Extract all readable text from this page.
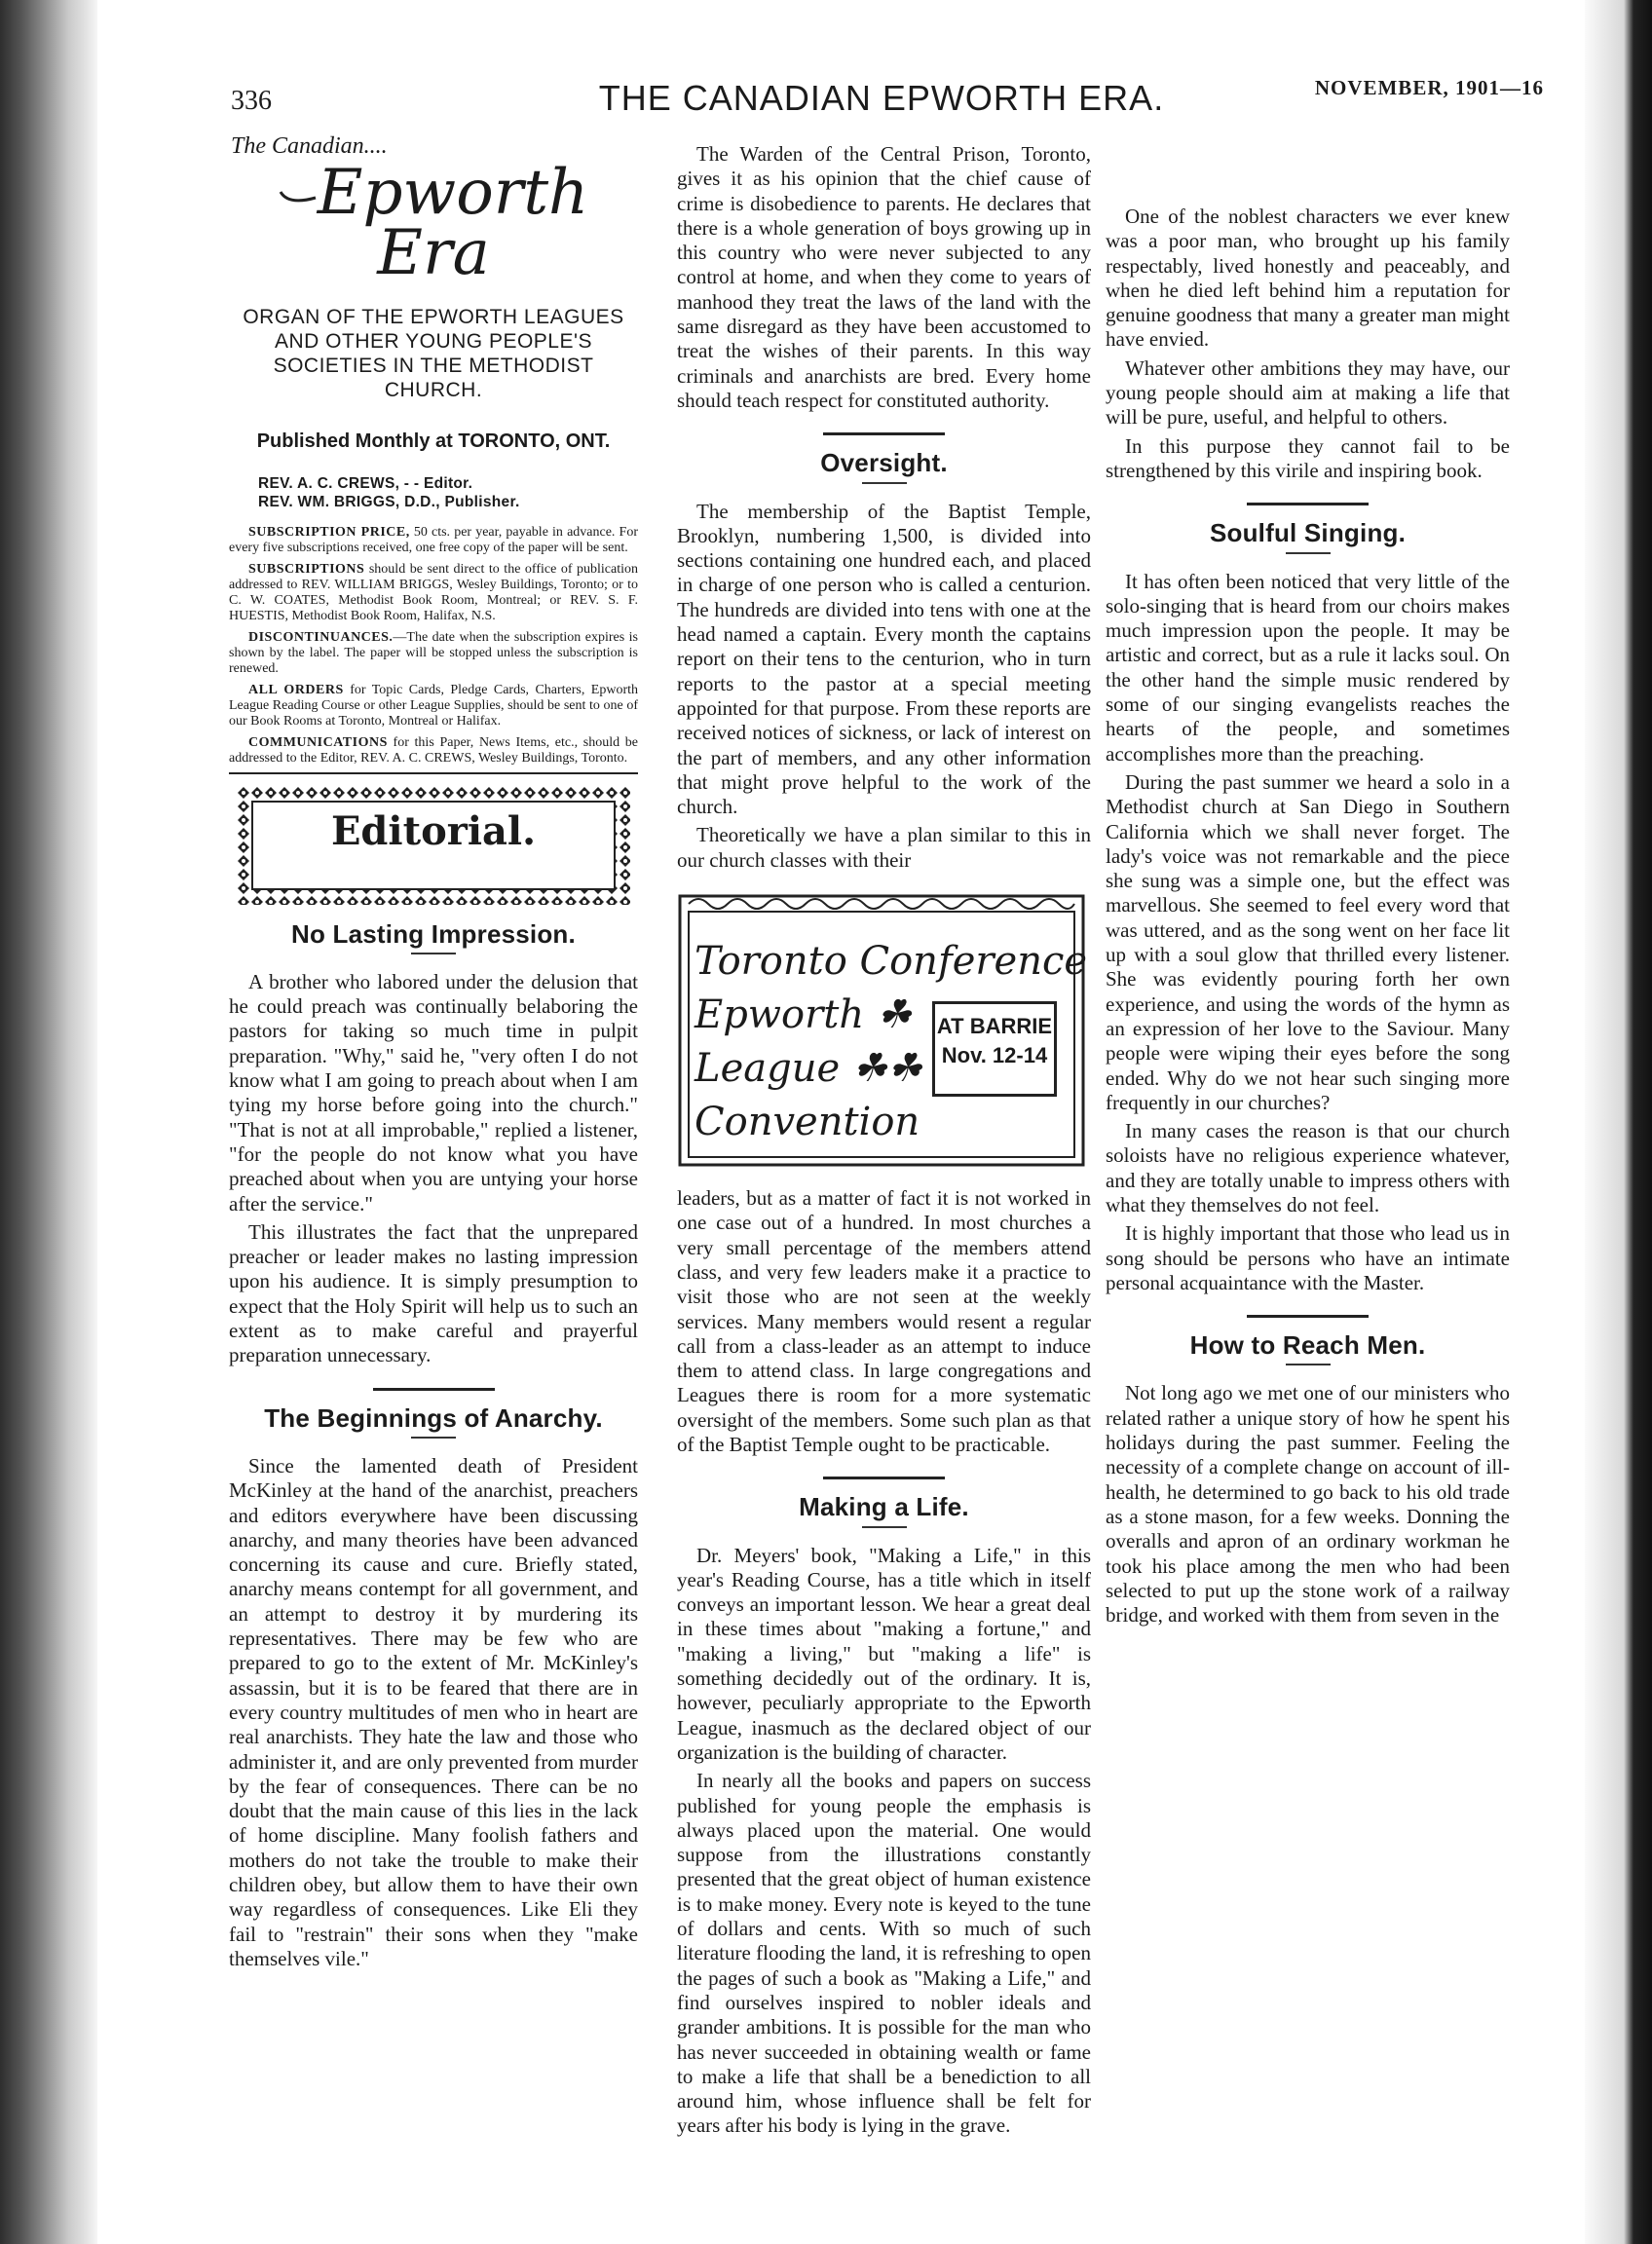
336	THE CANADIAN EPWORTH ERA.	NOVEMBER, 1901—16
The Canadian....
Epworth Era
ORGAN OF THE EPWORTH LEAGUES AND OTHER YOUNG PEOPLE'S SOCIETIES IN THE METHODIST CHURCH.
Published Monthly at TORONTO, ONT.
REV. A. C. CREWS, - - Editor.
REV. WM. BRIGGS, D.D., Publisher.

SUBSCRIPTION PRICE, 50 cts. per year, payable in advance. For every five subscriptions received, one free copy of the paper will be sent.

SUBSCRIPTIONS should be sent direct to the office of publication addressed to REV. WILLIAM BRIGGS, Wesley Buildings, Toronto; or to C. W. COATES, Methodist Book Room, Montreal; or REV. S. F. HUESTIS, Methodist Book Room, Halifax, N.S.

DISCONTINUANCES.—The date when the subscription expires is shown by the label. The paper will be stopped unless the subscription is renewed.

ALL ORDERS for Topic Cards, Pledge Cards, Charters, Epworth League Reading Course or other League Supplies, should be sent to one of our Book Rooms at Toronto, Montreal or Halifax.

COMMUNICATIONS for this Paper, News Items, etc., should be addressed to the Editor, REV. A. C. CREWS, Wesley Buildings, Toronto.

Editorial.
No Lasting Impression.

A brother who labored under the delusion that he could preach was continually belaboring the pastors for taking so much time in pulpit preparation. "Why," said he, "very often I do not know what I am going to preach about when I am tying my horse before going into the church." "That is not at all improbable," replied a listener, "for the people do not know what you have preached about when you are untying your horse after the service."

This illustrates the fact that the unprepared preacher or leader makes no lasting impression upon his audience. It is simply presumption to expect that the Holy Spirit will help us to such an extent as to make careful and prayerful preparation unnecessary.

The Beginnings of Anarchy.

Since the lamented death of President McKinley at the hand of the anarchist, preachers and editors everywhere have been discussing anarchy, and many theories have been advanced concerning its cause and cure. Briefly stated, anarchy means contempt for all government, and an attempt to destroy it by murdering its representatives. There may be few who are prepared to go to the extent of Mr. McKinley's assassin, but it is to be feared that there are in every country multitudes of men who in heart are real anarchists. They hate the law and those who administer it, and are only prevented from murder by the fear of consequences. There can be no doubt that the main cause of this lies in the lack of home discipline. Many foolish fathers and mothers do not take the trouble to make their children obey, but allow them to have their own way regardless of consequences. Like Eli they fail to "restrain" their sons when they "make themselves vile."

The Warden of the Central Prison, Toronto, gives it as his opinion that the chief cause of crime is disobedience to parents. He declares that there is a whole generation of boys growing up in this country who were never subjected to any control at home, and when they come to years of manhood they treat the laws of the land with the same disregard as they have been accustomed to treat the wishes of their parents. In this way criminals and anarchists are bred. Every home should teach respect for constituted authority.

Oversight.

The membership of the Baptist Temple, Brooklyn, numbering 1,500, is divided into sections containing one hundred each, and placed in charge of one person who is called a centurion. The hundreds are divided into tens with one at the head named a captain. Every month the captains report on their tens to the centurion, who in turn reports to the pastor at a special meeting appointed for that purpose. From these reports are received notices of sickness, or lack of interest on the part of members, and any other information that might prove helpful to the work of the church.

Theoretically we have a plan similar to this in our church classes with their

Toronto Conference
Epworth ☘
League ☘☘
Convention
AT BARRIE
Nov. 12-14

leaders, but as a matter of fact it is not worked in one case out of a hundred. In most churches a very small percentage of the members attend class, and very few leaders make it a practice to visit those who are not seen at the weekly services. Many members would resent a regular call from a class-leader as an attempt to induce them to attend class. In large congregations and Leagues there is room for a more systematic oversight of the members. Some such plan as that of the Baptist Temple ought to be practicable.

Making a Life.

Dr. Meyers' book, "Making a Life," in this year's Reading Course, has a title which in itself conveys an important lesson. We hear a great deal in these times about "making a fortune," and "making a living," but "making a life" is something decidedly out of the ordinary. It is, however, peculiarly appropriate to the Epworth League, inasmuch as the declared object of our organization is the building of character.

In nearly all the books and papers on success published for young people the emphasis is always placed upon the material. One would suppose from the illustrations constantly presented that the great object of human existence is to make money. Every note is keyed to the tune of dollars and cents. With so much of such literature flooding the land, it is refreshing to open the pages of such a book as "Making a Life," and find ourselves inspired to nobler ideals and grander ambitions. It is possible for the man who has never succeeded in obtaining wealth or fame to make a life that shall be a benediction to all around him, whose influence shall be felt for years after his body is lying in the grave.

One of the noblest characters we ever knew was a poor man, who brought up his family respectably, lived honestly and peaceably, and when he died left behind him a reputation for genuine goodness that many a greater man might have envied.

Whatever other ambitions they may have, our young people should aim at making a life that will be pure, useful, and helpful to others.

In this purpose they cannot fail to be strengthened by this virile and inspiring book.

Soulful Singing.

It has often been noticed that very little of the solo-singing that is heard from our choirs makes much impression upon the people. It may be artistic and correct, but as a rule it lacks soul. On the other hand the simple music rendered by some of our singing evangelists reaches the hearts of the people, and sometimes accomplishes more than the preaching.

During the past summer we heard a solo in a Methodist church at San Diego in Southern California which we shall never forget. The lady's voice was not remarkable and the piece she sung was a simple one, but the effect was marvellous. She seemed to feel every word that was uttered, and as the song went on her face lit up with a soul glow that thrilled every listener. She was evidently pouring forth her own experience, and using the words of the hymn as an expression of her love to the Saviour. Many people were wiping their eyes before the song ended. Why do we not hear such singing more frequently in our churches?

In many cases the reason is that our church soloists have no religious experience whatever, and they are totally unable to impress others with what they themselves do not feel.

It is highly important that those who lead us in song should be persons who have an intimate personal acquaintance with the Master.

How to Reach Men.

Not long ago we met one of our ministers who related rather a unique story of how he spent his holidays during the past summer. Feeling the necessity of a complete change on account of ill-health, he determined to go back to his old trade as a stone mason, for a few weeks. Donning the overalls and apron of an ordinary workman he took his place among the men who had been selected to put up the stone work of a railway bridge, and worked with them from seven in the
